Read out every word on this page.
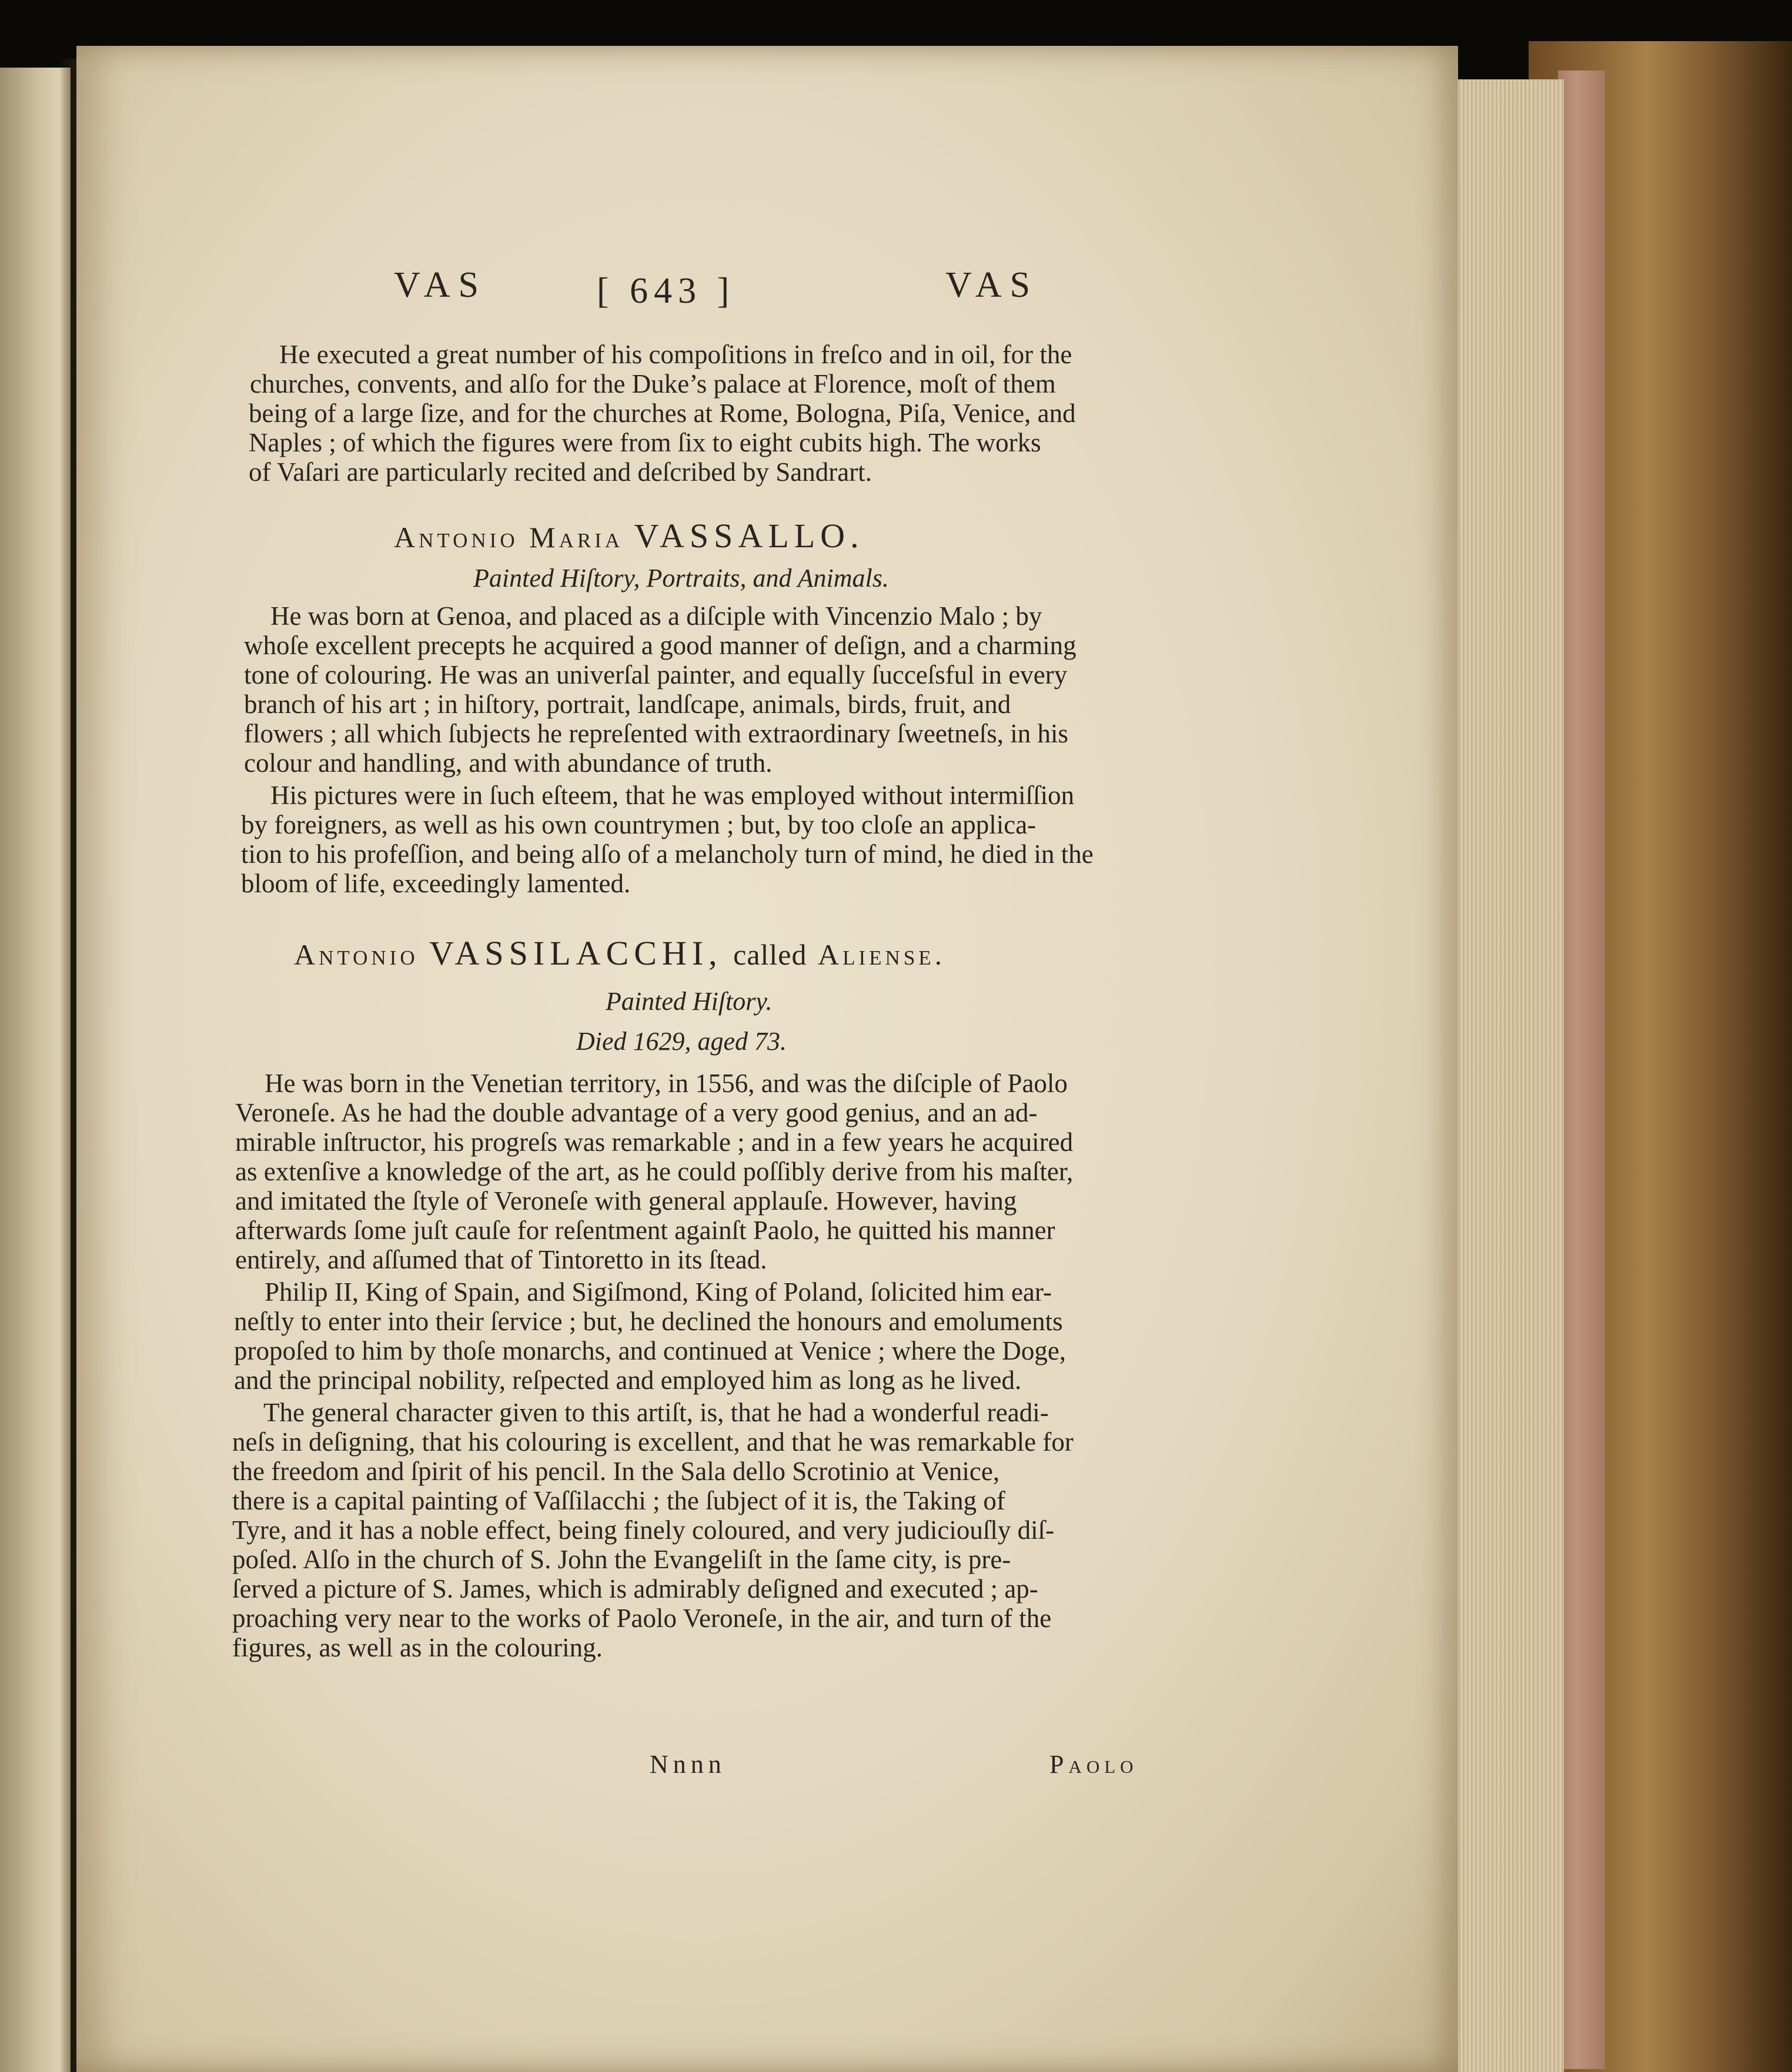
VAS	[ 643 ]	VAS
He executed a great number of his compoſitions in freſco and in oil, for the
churches, convents, and alſo for the Duke’s palace at Florence, moſt of them
being of a large ſize, and for the churches at Rome, Bologna, Piſa, Venice, and
Naples ; of which the figures were from ſix to eight cubits high. The works
of Vaſari are particularly recited and deſcribed by Sandrart.
Antonio Maria VASSALLO.
Painted Hiſtory, Portraits, and Animals.
He was born at Genoa, and placed as a diſciple with Vincenzio Malo ; by
whoſe excellent precepts he acquired a good manner of deſign, and a charming
tone of colouring. He was an univerſal painter, and equally ſucceſsful in every
branch of his art ; in hiſtory, portrait, landſcape, animals, birds, fruit, and
flowers ; all which ſubjects he repreſented with extraordinary ſweetneſs, in his
colour and handling, and with abundance of truth.
His pictures were in ſuch eſteem, that he was employed without intermiſſion
by foreigners, as well as his own countrymen ; but, by too cloſe an applica-
tion to his profeſſion, and being alſo of a melancholy turn of mind, he died in the
bloom of life, exceedingly lamented.
Antonio VASSILACCHI, called Aliense.
Painted Hiſtory.
Died 1629, aged 73.
He was born in the Venetian territory, in 1556, and was the diſciple of Paolo
Veroneſe. As he had the double advantage of a very good genius, and an ad-
mirable inſtructor, his progreſs was remarkable ; and in a few years he acquired
as extenſive a knowledge of the art, as he could poſſibly derive from his maſter,
and imitated the ſtyle of Veroneſe with general applauſe. However, having
afterwards ſome juſt cauſe for reſentment againſt Paolo, he quitted his manner
entirely, and aſſumed that of Tintoretto in its ſtead.
Philip II, King of Spain, and Sigiſmond, King of Poland, ſolicited him ear-
neſtly to enter into their ſervice ; but, he declined the honours and emoluments
propoſed to him by thoſe monarchs, and continued at Venice ; where the Doge,
and the principal nobility, reſpected and employed him as long as he lived.
The general character given to this artiſt, is, that he had a wonderful readi-
neſs in deſigning, that his colouring is excellent, and that he was remarkable for
the freedom and ſpirit of his pencil. In the Sala dello Scrotinio at Venice,
there is a capital painting of Vaſſilacchi ; the ſubject of it is, the Taking of
Tyre, and it has a noble effect, being finely coloured, and very judiciouſly diſ-
poſed. Alſo in the church of S. John the Evangeliſt in the ſame city, is pre-
ſerved a picture of S. James, which is admirably deſigned and executed ; ap-
proaching very near to the works of Paolo Veroneſe, in the air, and turn of the
figures, as well as in the colouring.
Nnnn	Paolo
